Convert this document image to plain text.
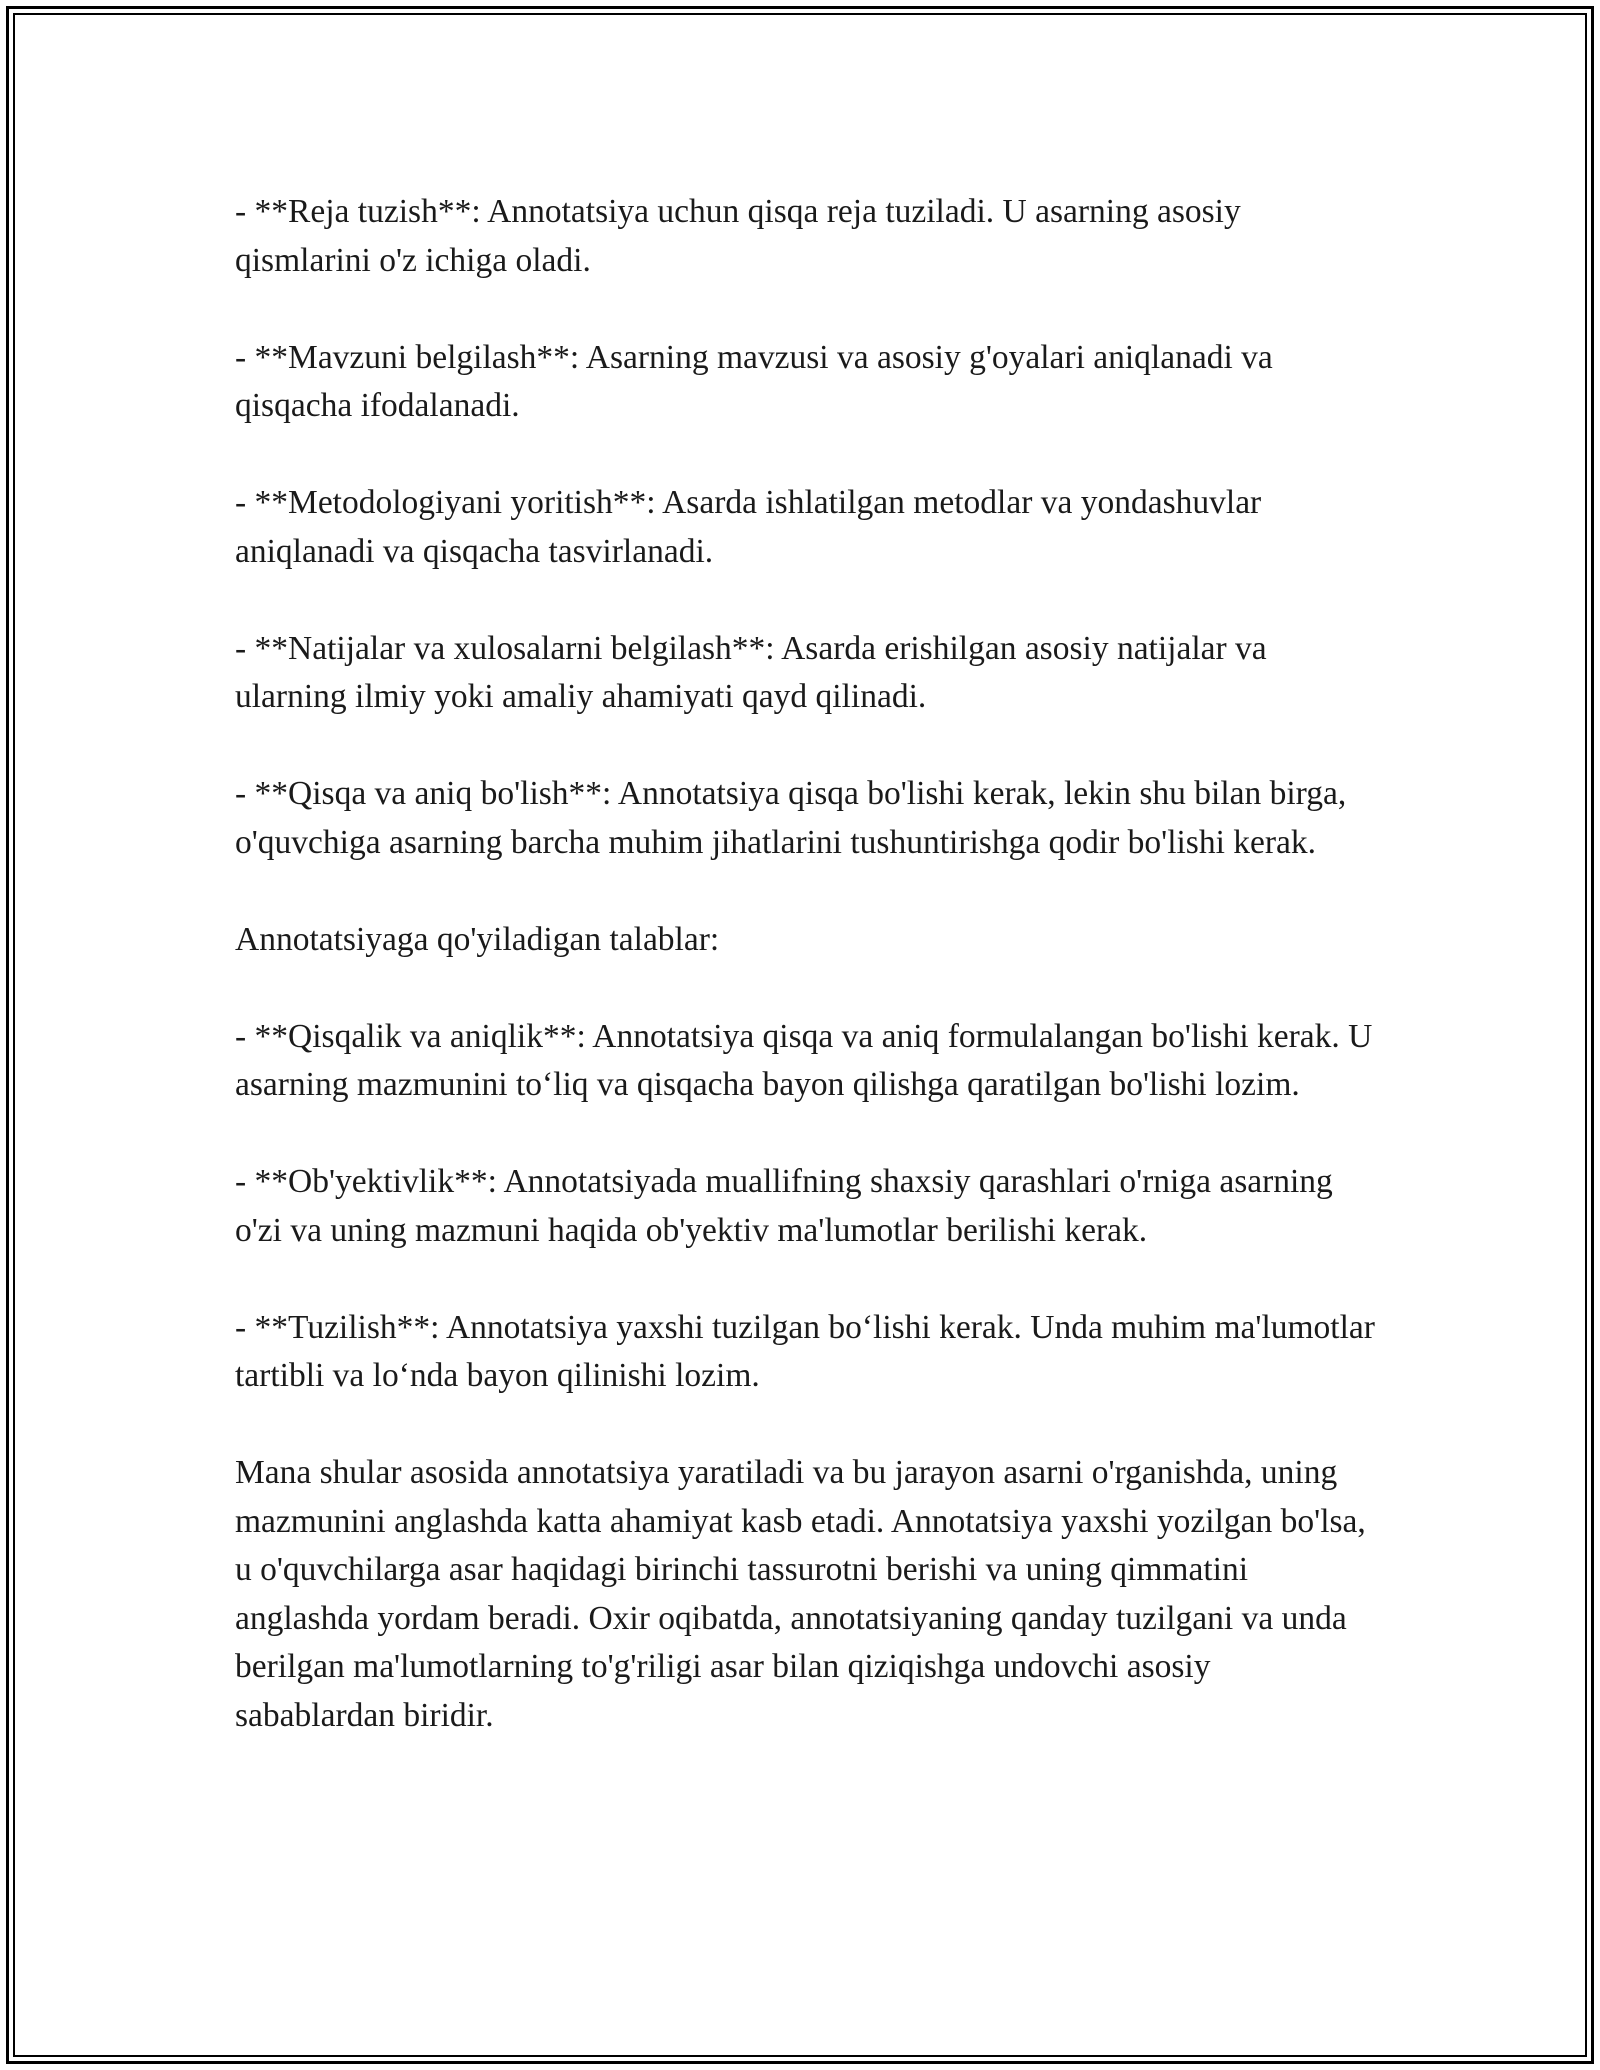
- **Reja tuzish**: Annotatsiya uchun qisqa reja tuziladi. U asarning asosiy qismlarini o'z ichiga oladi.

- **Mavzuni belgilash**: Asarning mavzusi va asosiy g'oyalari aniqlanadi va qisqacha ifodalanadi.

- **Metodologiyani yoritish**: Asarda ishlatilgan metodlar va yondashuvlar aniqlanadi va qisqacha tasvirlanadi.

- **Natijalar va xulosalarni belgilash**: Asarda erishilgan asosiy natijalar va ularning ilmiy yoki amaliy ahamiyati qayd qilinadi.

- **Qisqa va aniq bo'lish**: Annotatsiya qisqa bo'lishi kerak, lekin shu bilan birga, o'quvchiga asarning barcha muhim jihatlarini tushuntirishga qodir bo'lishi kerak.

Annotatsiyaga qo'yiladigan talablar:

- **Qisqalik va aniqlik**: Annotatsiya qisqa va aniq formulalangan bo'lishi kerak. U asarning mazmunini to‘liq va qisqacha bayon qilishga qaratilgan bo'lishi lozim.

- **Ob'yektivlik**: Annotatsiyada muallifning shaxsiy qarashlari o'rniga asarning o'zi va uning mazmuni haqida ob'yektiv ma'lumotlar berilishi kerak.

- **Tuzilish**: Annotatsiya yaxshi tuzilgan bo‘lishi kerak. Unda muhim ma'lumotlar tartibli va lo‘nda bayon qilinishi lozim.

Mana shular asosida annotatsiya yaratiladi va bu jarayon asarni o'rganishda, uning mazmunini anglashda katta ahamiyat kasb etadi. Annotatsiya yaxshi yozilgan bo'lsa, u o'quvchilarga asar haqidagi birinchi tassurotni berishi va uning qimmatini anglashda yordam beradi. Oxir oqibatda, annotatsiyaning qanday tuzilgani va unda berilgan ma'lumotlarning to'g'riligi asar bilan qiziqishga undovchi asosiy sabablardan biridir.
